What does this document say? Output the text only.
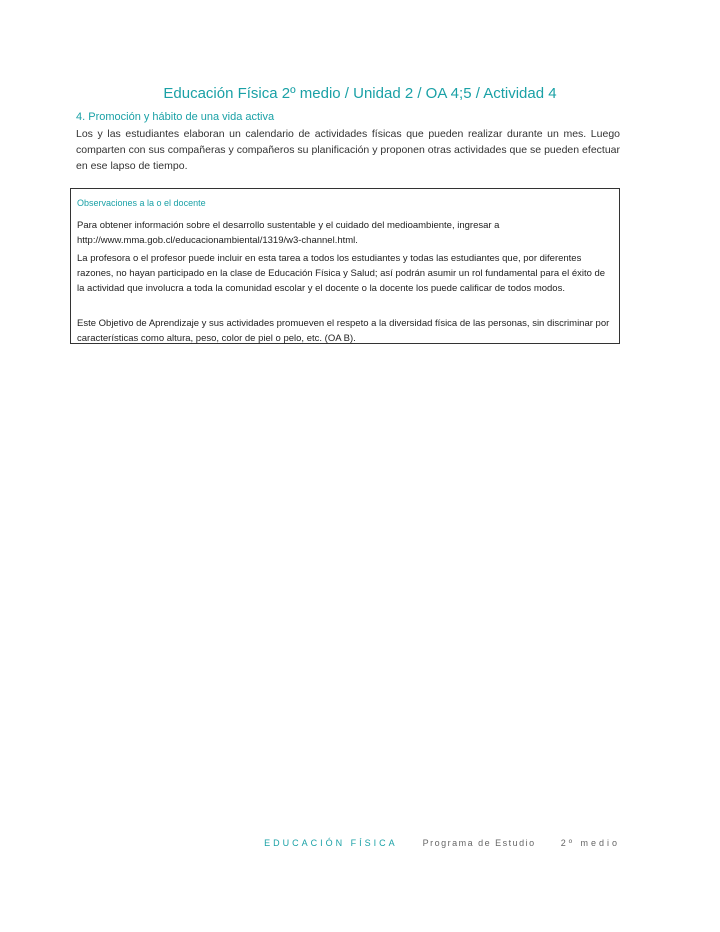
Educación Física 2º medio / Unidad 2 / OA 4;5 / Actividad 4
4. Promoción y hábito de una vida activa
Los y las estudiantes elaboran un calendario de actividades físicas que pueden realizar durante un mes. Luego comparten con sus compañeras y compañeros su planificación y proponen otras actividades que se pueden efectuar en ese lapso de tiempo.
Observaciones a la o el docente
Para obtener información sobre el desarrollo sustentable y el cuidado del medioambiente, ingresar a http://www.mma.gob.cl/educacionambiental/1319/w3-channel.html.
La profesora o el profesor puede incluir en esta tarea a todos los estudiantes y todas las estudiantes que, por diferentes razones, no hayan participado en la clase de Educación Física y Salud; así podrán asumir un rol fundamental para el éxito de la actividad que involucra a toda la comunidad escolar y el docente o la docente los puede calificar de todos modos.
Este Objetivo de Aprendizaje y sus actividades promueven el respeto a la diversidad física de las personas, sin discriminar por características como altura, peso, color de piel o pelo, etc. (OA B).
EDUCACIÓN FÍSICA	Programa de Estudio	2º medio
